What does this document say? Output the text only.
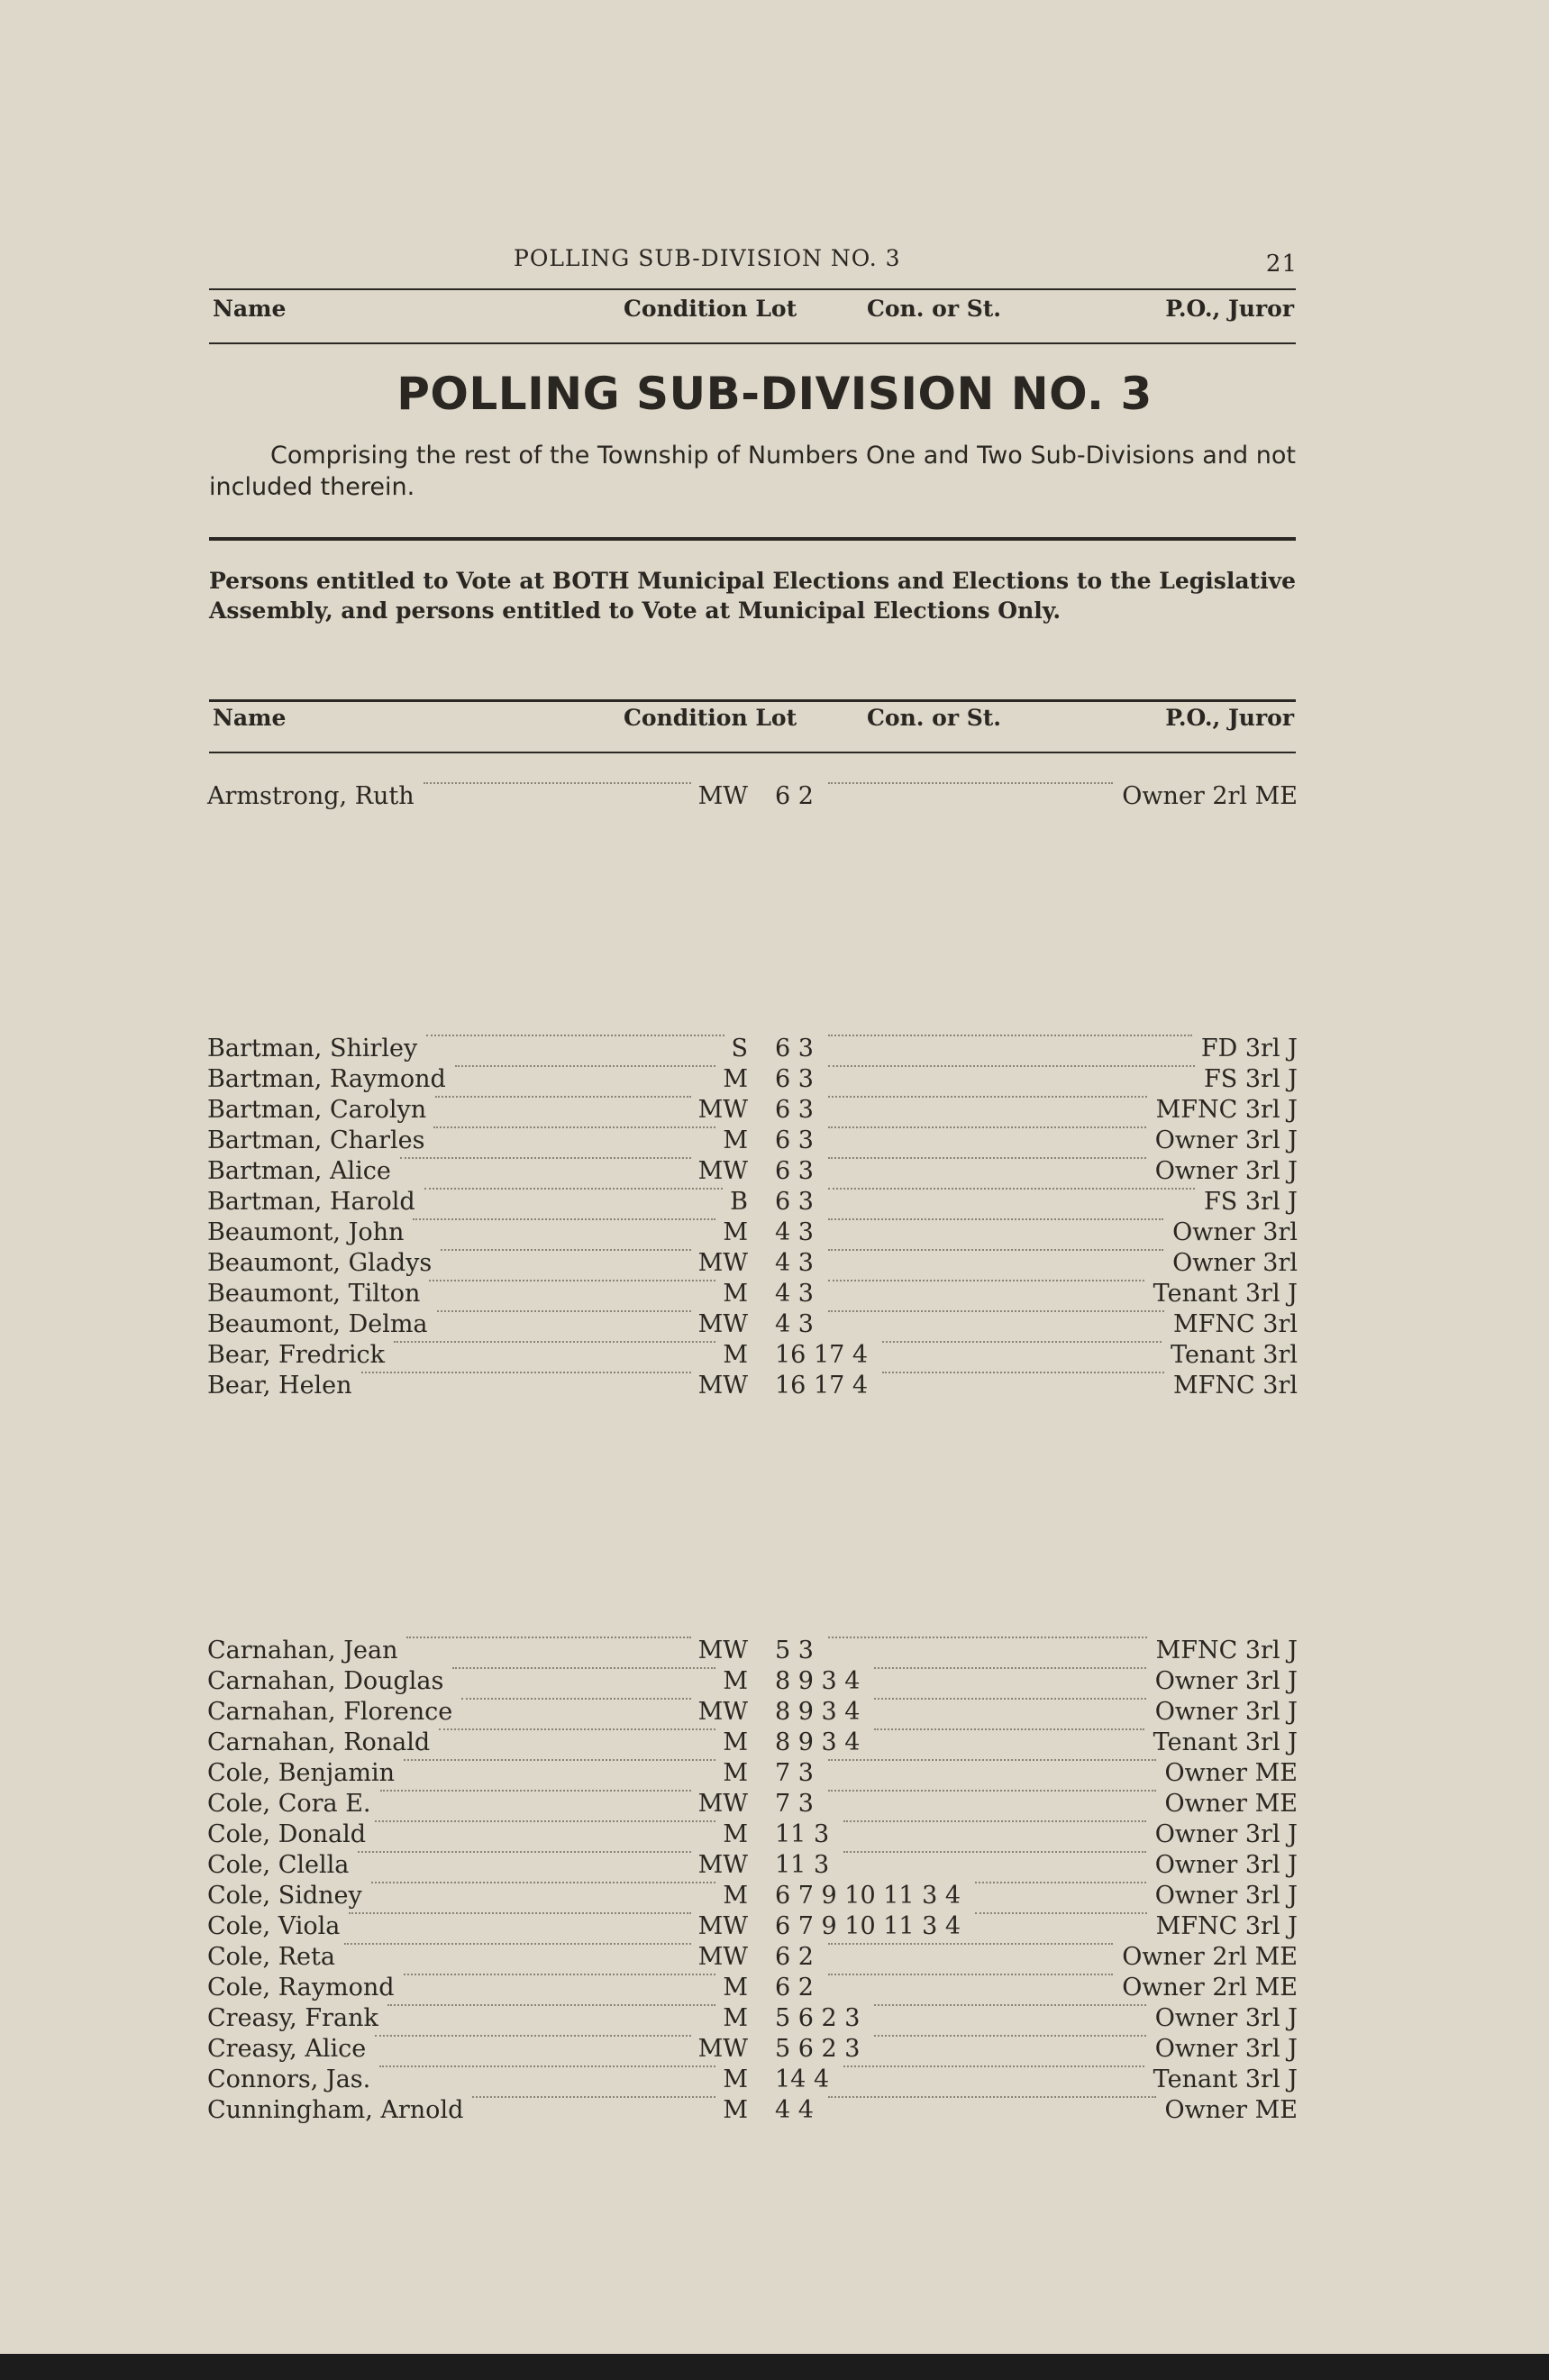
POLLING SUB-DIVISION NO. 3	21
Name	Condition Lot	Con. or St.	P.O., Juror
POLLING SUB-DIVISION NO. 3
Comprising the rest of the Township of Numbers One and Two Sub-Divisions and not included therein.
Persons entitled to Vote at BOTH Municipal Elections and Elections to the Legislative Assembly, and persons entitled to Vote at Municipal Elections Only.
Name	Condition Lot	Con. or St.	P.O., Juror
Armstrong, Ruth	MW 6 2	Owner 2rl ME
Bartman, Shirley	S 6 3	FD 3rl J
Bartman, Raymond	M 6 3	FS 3rl J
Bartman, Carolyn	MW 6 3	MFNC 3rl J
Bartman, Charles	M 6 3	Owner 3rl J
Bartman, Alice	MW 6 3	Owner 3rl J
Bartman, Harold	B 6 3	FS 3rl J
Beaumont, John	M 4 3	Owner 3rl
Beaumont, Gladys	MW 4 3	Owner 3rl
Beaumont, Tilton	M 4 3	Tenant 3rl J
Beaumont, Delma	MW 4 3	MFNC 3rl
Bear, Fredrick	M 16 17 4	Tenant 3rl
Bear, Helen	MW 16 17 4	MFNC 3rl
Carnahan, Jean	MW 5 3	MFNC 3rl J
Carnahan, Douglas	M 8 9 3 4	Owner 3rl J
Carnahan, Florence	MW 8 9 3 4	Owner 3rl J
Carnahan, Ronald	M 8 9 3 4	Tenant 3rl J
Cole, Benjamin	M 7 3	Owner ME
Cole, Cora E.	MW 7 3	Owner ME
Cole, Donald	M 11 3	Owner 3rl J
Cole, Clella	MW 11 3	Owner 3rl J
Cole, Sidney	M 6 7 9 10 11 3 4	Owner 3rl J
Cole, Viola	MW 6 7 9 10 11 3 4	MFNC 3rl J
Cole, Reta	MW 6 2	Owner 2rl ME
Cole, Raymond	M 6 2	Owner 2rl ME
Creasy, Frank	M 5 6 2 3	Owner 3rl J
Creasy, Alice	MW 5 6 2 3	Owner 3rl J
Connors, Jas.	M 14 4	Tenant 3rl J
Cunningham, Arnold	M 4 4	Owner ME
